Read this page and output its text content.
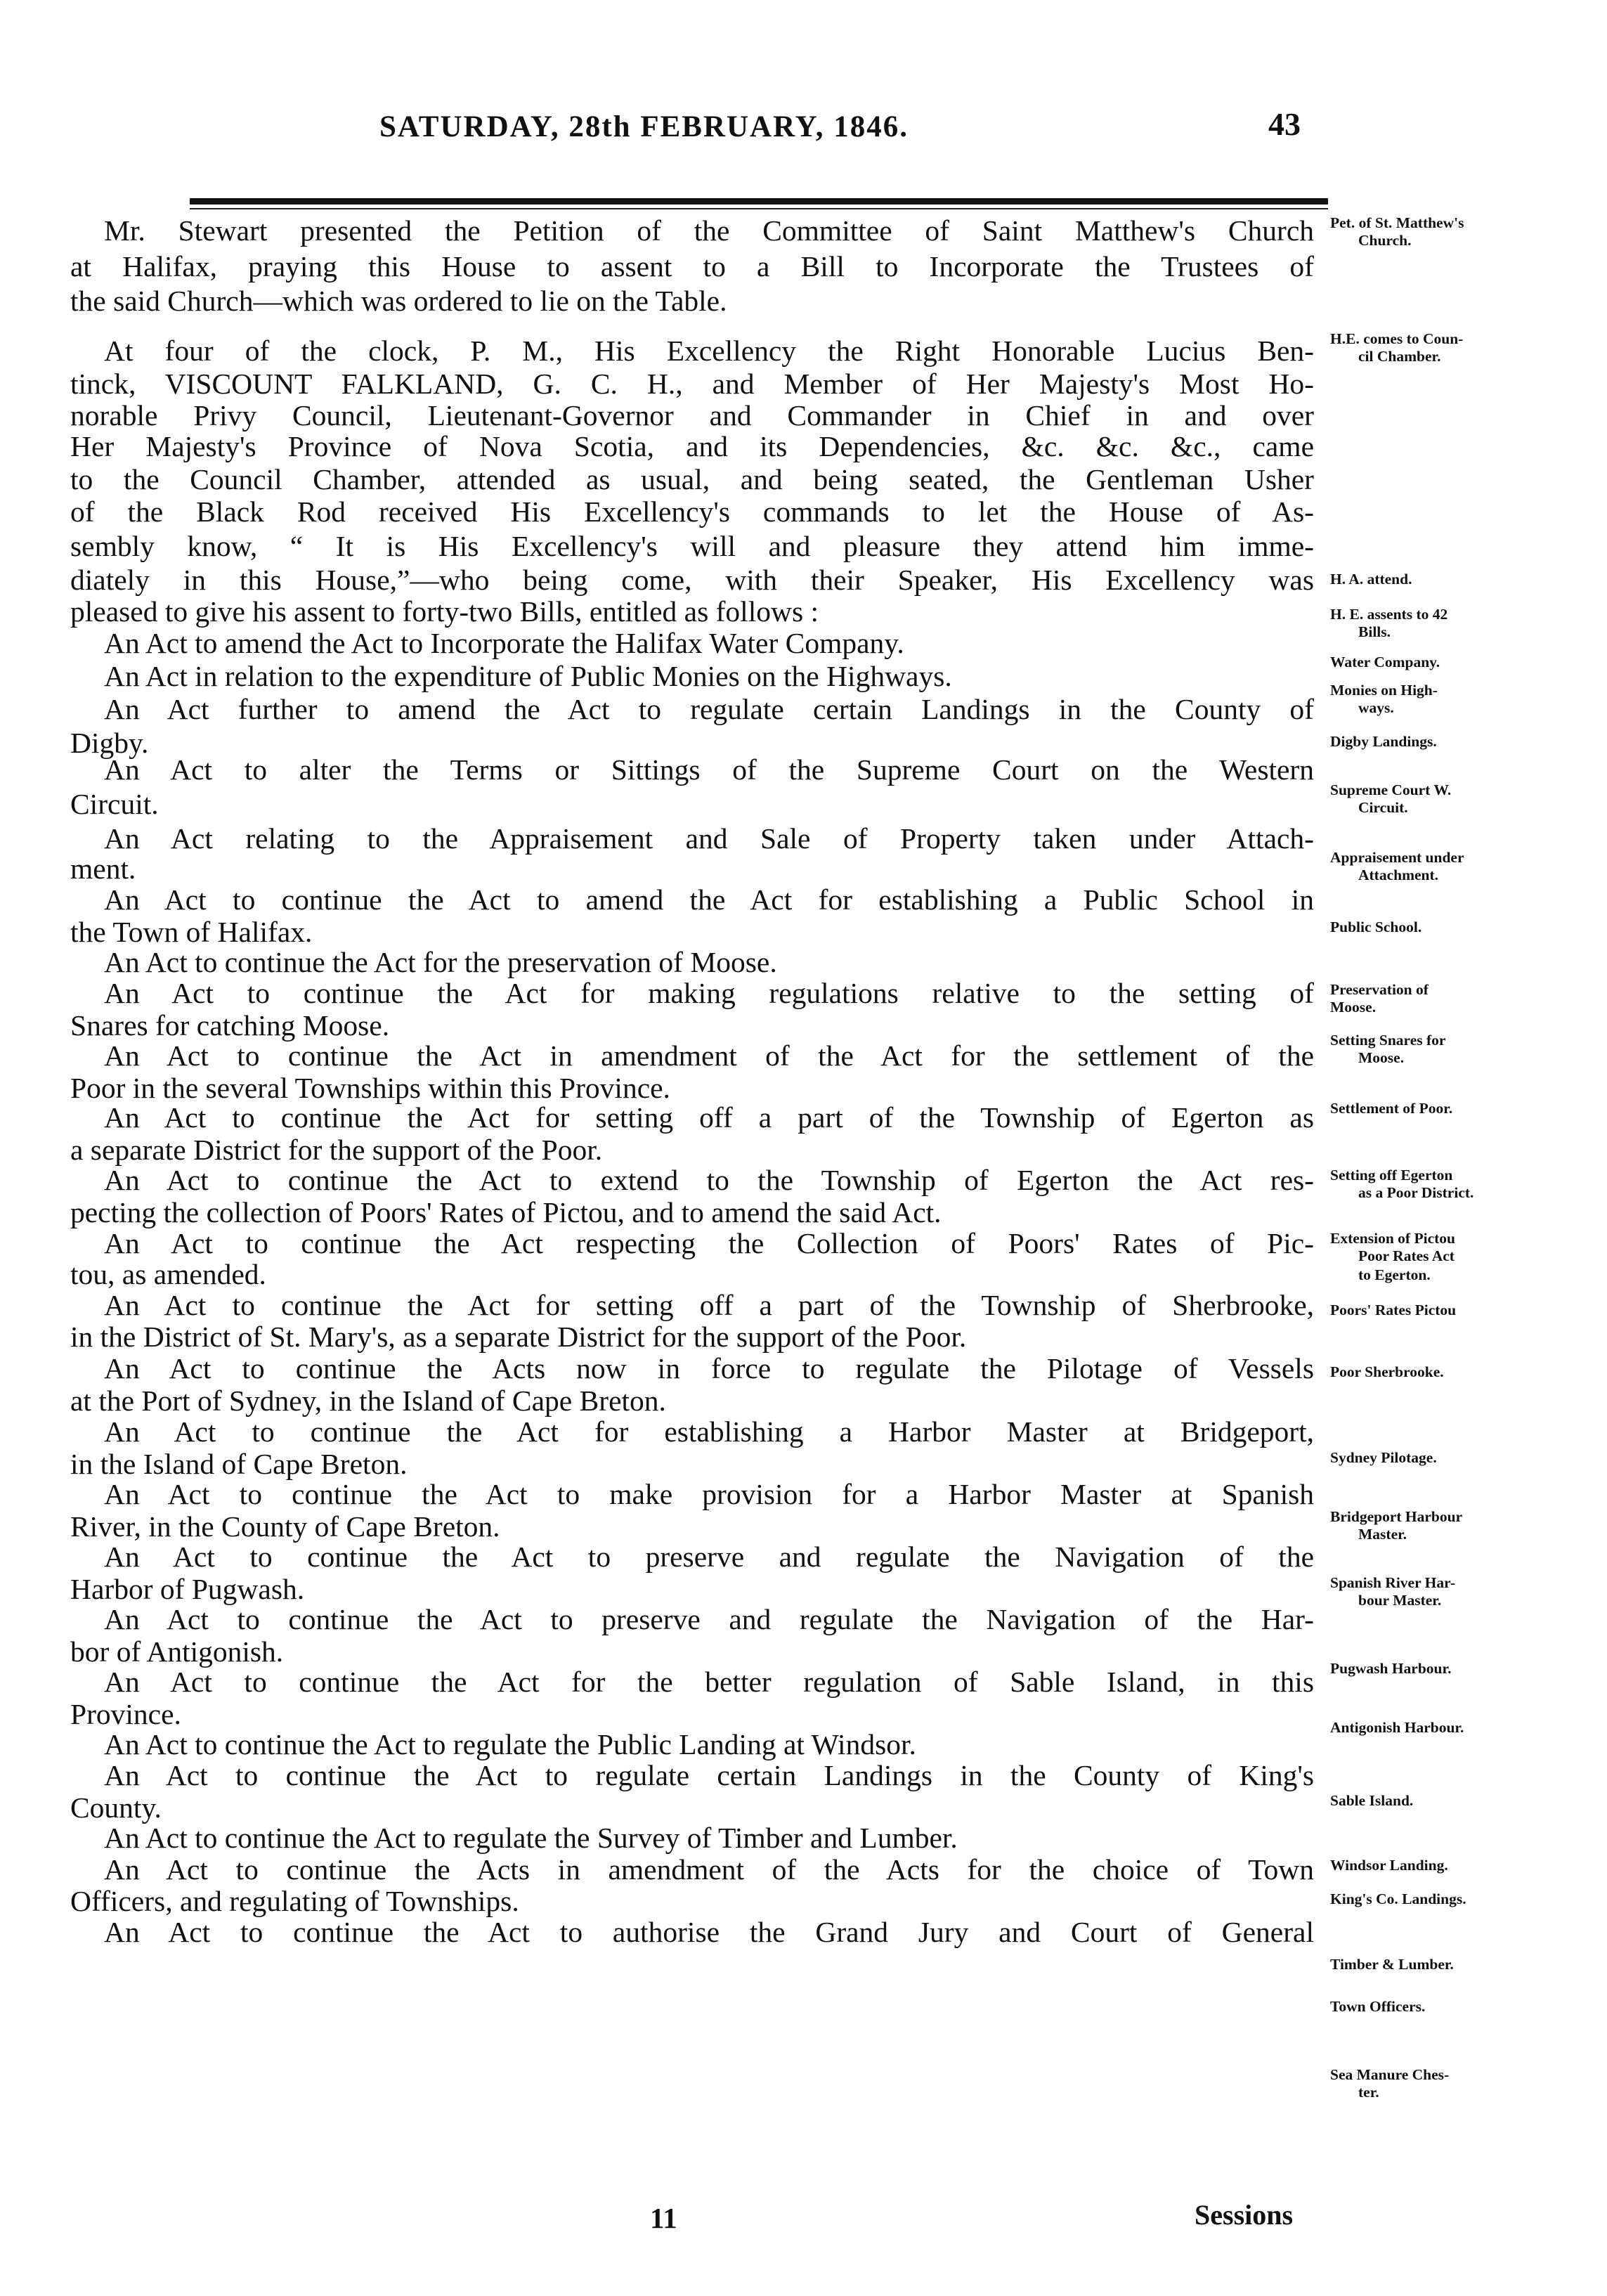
SATURDAY, 28th FEBRUARY, 1846.	43
Mr. Stewart presented the Petition of the Committee of Saint Matthew's Church
at Halifax, praying this House to assent to a Bill to Incorporate the Trustees of
the said Church—which was ordered to lie on the Table.
At four of the clock, P. M., His Excellency the Right Honorable Lucius Ben-
tinck, VISCOUNT FALKLAND, G. C. H., and Member of Her Majesty's Most Ho-
norable Privy Council, Lieutenant-Governor and Commander in Chief in and over
Her Majesty's Province of Nova Scotia, and its Dependencies, &c. &c. &c., came
to the Council Chamber, attended as usual, and being seated, the Gentleman Usher
of the Black Rod received His Excellency's commands to let the House of As-
sembly know, “ It is His Excellency's will and pleasure they attend him imme-
diately in this House,”—who being come, with their Speaker, His Excellency was
pleased to give his assent to forty-two Bills, entitled as follows :
An Act to amend the Act to Incorporate the Halifax Water Company.
An Act in relation to the expenditure of Public Monies on the Highways.
An Act further to amend the Act to regulate certain Landings in the County of
Digby.
An Act to alter the Terms or Sittings of the Supreme Court on the Western
Circuit.
An Act relating to the Appraisement and Sale of Property taken under Attach-
ment.
An Act to continue the Act to amend the Act for establishing a Public School in
the Town of Halifax.
An Act to continue the Act for the preservation of Moose.
An Act to continue the Act for making regulations relative to the setting of
Snares for catching Moose.
An Act to continue the Act in amendment of the Act for the settlement of the
Poor in the several Townships within this Province.
An Act to continue the Act for setting off a part of the Township of Egerton as
a separate District for the support of the Poor.
An Act to continue the Act to extend to the Township of Egerton the Act res-
pecting the collection of Poors' Rates of Pictou, and to amend the said Act.
An Act to continue the Act respecting the Collection of Poors' Rates of Pic-
tou, as amended.
An Act to continue the Act for setting off a part of the Township of Sherbrooke,
in the District of St. Mary's, as a separate District for the support of the Poor.
An Act to continue the Acts now in force to regulate the Pilotage of Vessels
at the Port of Sydney, in the Island of Cape Breton.
An Act to continue the Act for establishing a Harbor Master at Bridgeport,
in the Island of Cape Breton.
An Act to continue the Act to make provision for a Harbor Master at Spanish
River, in the County of Cape Breton.
An Act to continue the Act to preserve and regulate the Navigation of the
Harbor of Pugwash.
An Act to continue the Act to preserve and regulate the Navigation of the Har-
bor of Antigonish.
An Act to continue the Act for the better regulation of Sable Island, in this
Province.
An Act to continue the Act to regulate the Public Landing at Windsor.
An Act to continue the Act to regulate certain Landings in the County of King's
County.
An Act to continue the Act to regulate the Survey of Timber and Lumber.
An Act to continue the Acts in amendment of the Acts for the choice of Town
Officers, and regulating of Townships.
An Act to continue the Act to authorise the Grand Jury and Court of General
Pet. of St. Matthew's
Church.
H.E. comes to Coun-
cil Chamber.
H. A. attend.
H. E. assents to 42
Bills.
Water Company.
Monies on High-
ways.
Digby Landings.
Supreme Court W.
Circuit.
Appraisement under
Attachment.
Public School.
Preservation of
Moose.
Setting Snares for
Moose.
Settlement of Poor.
Setting off Egerton
as a Poor District.
Extension of Pictou
Poor Rates Act
to Egerton.
Poors' Rates Pictou
Poor Sherbrooke.
Sydney Pilotage.
Bridgeport Harbour
Master.
Spanish River Har-
bour Master.
Pugwash Harbour.
Antigonish Harbour.
Sable Island.
Windsor Landing.
King's Co. Landings.
Timber & Lumber.
Town Officers.
Sea Manure Ches-
ter.
11	Sessions
